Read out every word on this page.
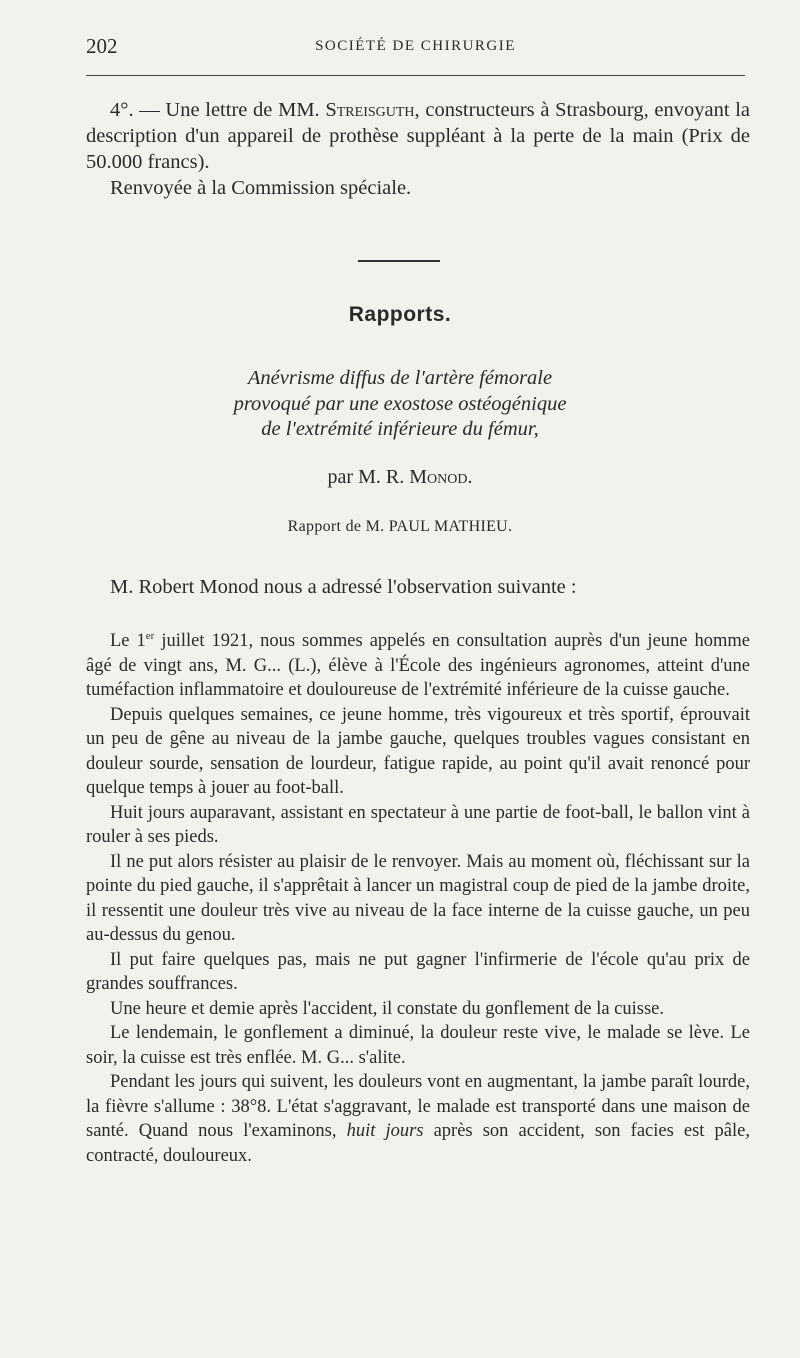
202	SOCIÉTÉ DE CHIRURGIE

4°. — Une lettre de MM. Streisguth, constructeurs à Strasbourg, envoyant la description d'un appareil de prothèse suppléant à la perte de la main (Prix de 50.000 francs).

Renvoyée à la Commission spéciale.

Rapports.
Anévrisme diffus de l'artère fémorale
provoqué par une exostose ostéogénique
de l'extrémité inférieure du fémur,
par M. R. Monod.
Rapport de M. PAUL MATHIEU.

M. Robert Monod nous a adressé l'observation suivante :

Le 1er juillet 1921, nous sommes appelés en consultation auprès d'un jeune homme âgé de vingt ans, M. G... (L.), élève à l'École des ingénieurs agronomes, atteint d'une tuméfaction inflammatoire et douloureuse de l'extrémité inférieure de la cuisse gauche.

Depuis quelques semaines, ce jeune homme, très vigoureux et très sportif, éprouvait un peu de gêne au niveau de la jambe gauche, quelques troubles vagues consistant en douleur sourde, sensation de lourdeur, fatigue rapide, au point qu'il avait renoncé pour quelque temps à jouer au foot-ball.

Huit jours auparavant, assistant en spectateur à une partie de foot-ball, le ballon vint à rouler à ses pieds.

Il ne put alors résister au plaisir de le renvoyer. Mais au moment où, fléchissant sur la pointe du pied gauche, il s'apprêtait à lancer un magistral coup de pied de la jambe droite, il ressentit une douleur très vive au niveau de la face interne de la cuisse gauche, un peu au-dessus du genou.

Il put faire quelques pas, mais ne put gagner l'infirmerie de l'école qu'au prix de grandes souffrances.

Une heure et demie après l'accident, il constate du gonflement de la cuisse.

Le lendemain, le gonflement a diminué, la douleur reste vive, le malade se lève. Le soir, la cuisse est très enflée. M. G... s'alite.

Pendant les jours qui suivent, les douleurs vont en augmentant, la jambe paraît lourde, la fièvre s'allume : 38°8. L'état s'aggravant, le malade est transporté dans une maison de santé. Quand nous l'examinons, huit jours après son accident, son facies est pâle, contracté, douloureux.
